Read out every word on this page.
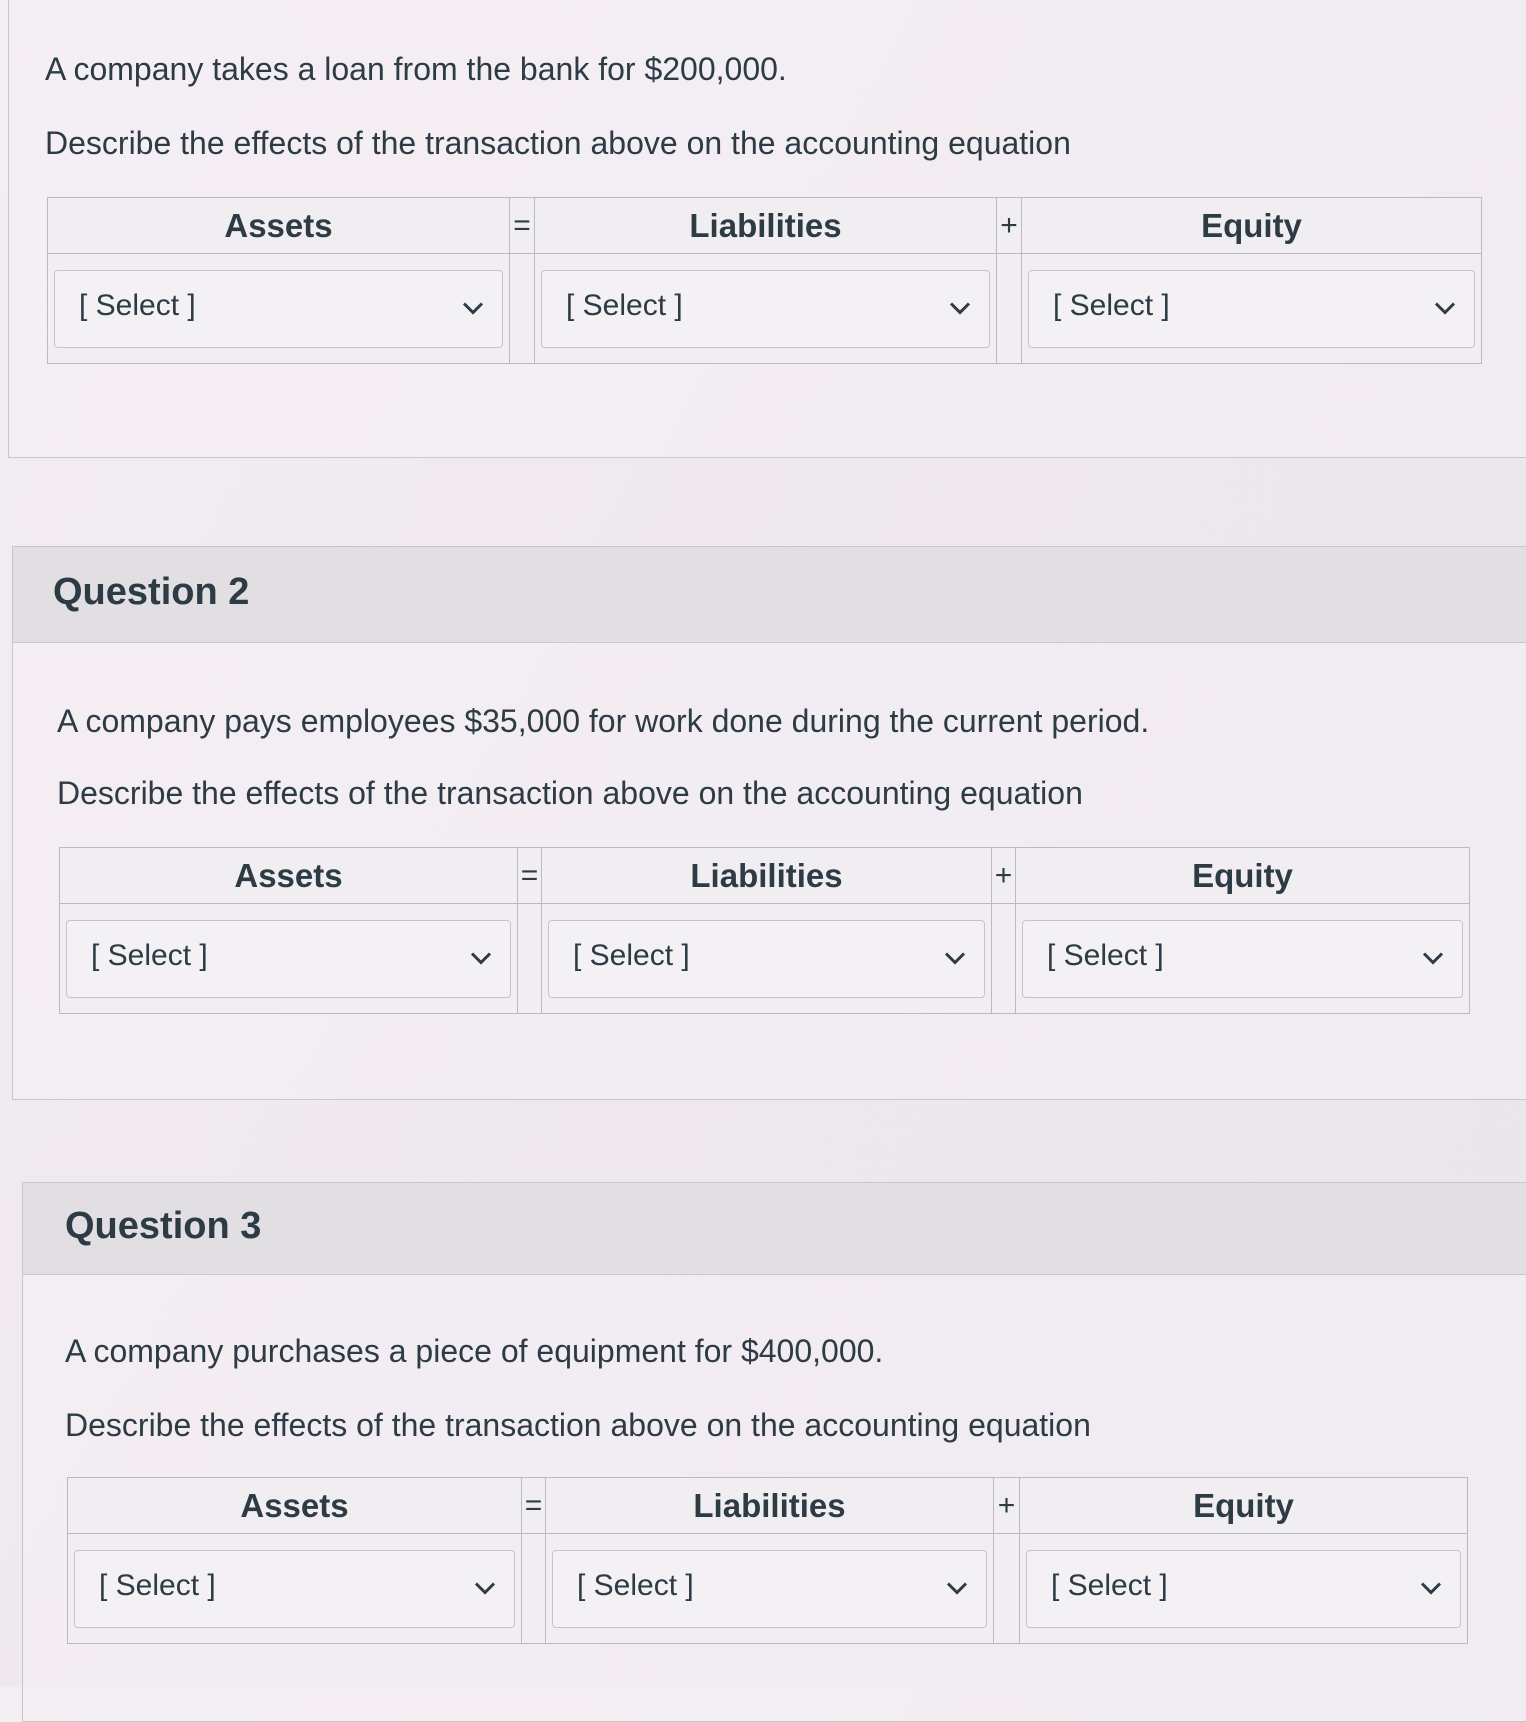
A company takes a loan from the bank for $200,000.
Describe the effects of the transaction above on the accounting equation
Assets	=	Liabilities	+	Equity

[ Select ]		[ Select ]		[ Select ]
Question 2
A company pays employees $35,000 for work done during the current period.
Describe the effects of the transaction above on the accounting equation
Assets	=	Liabilities	+	Equity

[ Select ]		[ Select ]		[ Select ]
Question 3
A company purchases a piece of equipment for $400,000.
Describe the effects of the transaction above on the accounting equation
Assets	=	Liabilities	+	Equity

[ Select ]		[ Select ]		[ Select ]
